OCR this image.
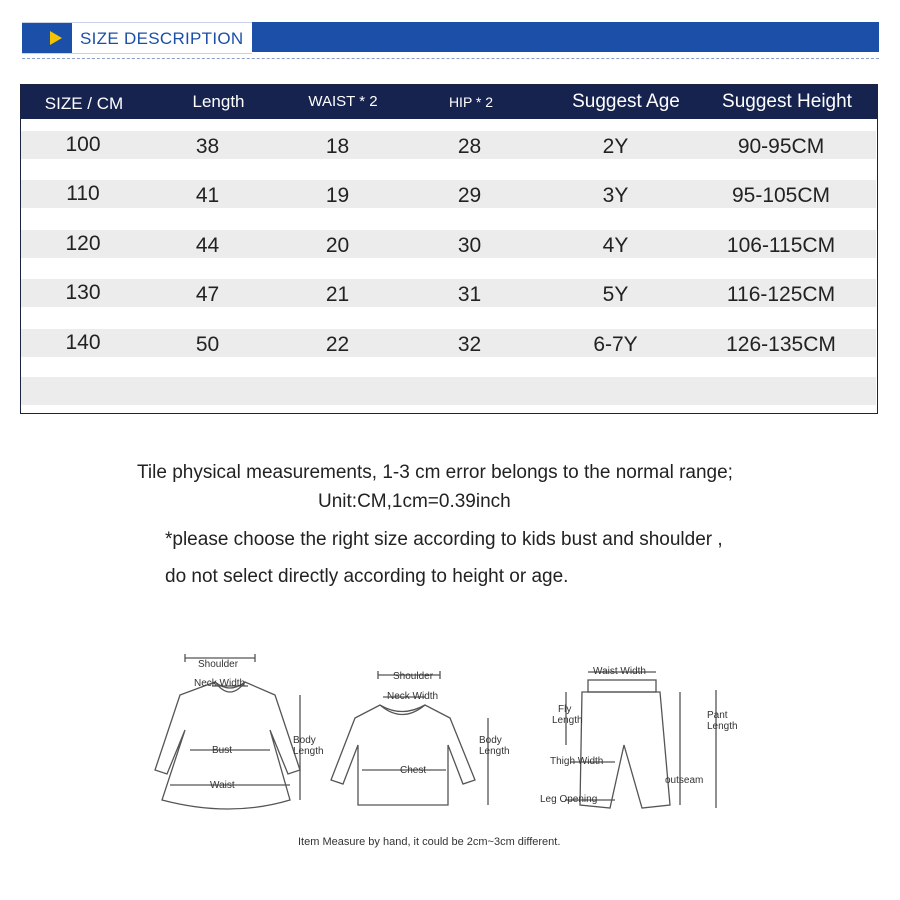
SIZE DESCRIPTION
SIZE / CM	Length	WAIST * 2	HIP * 2	Suggest Age	Suggest Height
100	38	18	28	2Y	90-95CM
110	41	19	29	3Y	95-105CM
120	44	20	30	4Y	106-115CM
130	47	21	31	5Y	116-125CM
140	50	22	32	6-7Y	126-135CM
Tile physical measurements, 1-3 cm error belongs to the normal range;
Unit:CM,1cm=0.39inch
*please choose the right size according to kids bust and shoulder ,
do not select directly according to height or age.
Shoulder
Neck Width
Bust
Waist
Body
Length
Shoulder
Neck Width
Chest
Body
Length
Waist Width
Fly
Length
Thigh Width
Leg Opening
outseam
Pant
Length
Item Measure by hand, it could be 2cm~3cm different.
